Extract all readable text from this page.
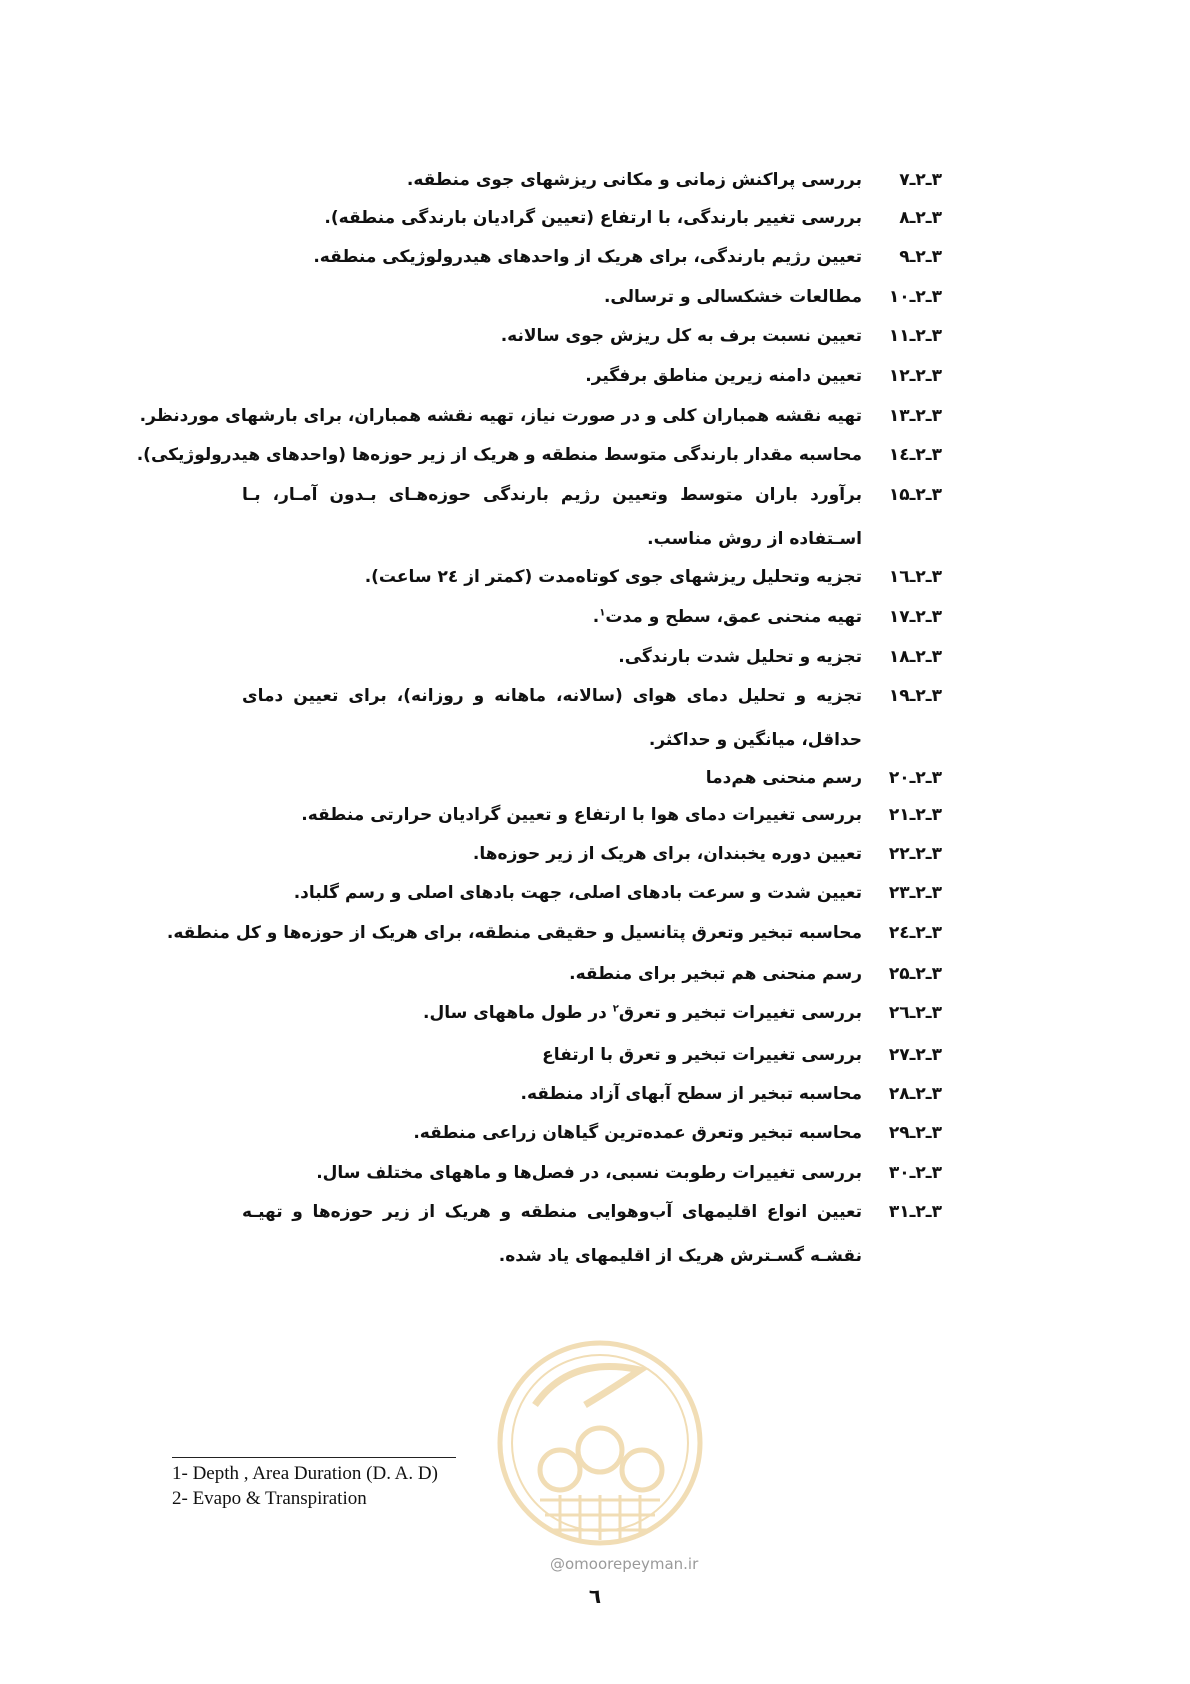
۳ـ۲ـ۷
بررسی پراکنش زمانی و مکانی ریزشهای جوی منطقه.
۳ـ۲ـ۸
بررسی تغییر بارندگی، با ارتفاع (تعیین گرادیان بارندگی منطقه).
۳ـ۲ـ۹
تعیین رژیم بارندگی، برای هریک از واحدهای هیدرولوژیکی منطقه.
۳ـ۲ـ۱۰
مطالعات خشکسالی و ترسالی.
۳ـ۲ـ۱۱
تعیین نسبت برف به کل ریزش جوی سالانه.
۳ـ۲ـ۱۲
تعیین دامنه زیرین مناطق برفگیر.
۳ـ۲ـ۱۳
تهیه نقشه همباران کلی و در صورت نیاز، تهیه نقشه همباران، برای بارشهای موردنظر.
۳ـ۲ـ۱٤
محاسبه مقدار بارندگی متوسط منطقه و هریک از زیر حوزه‌ها (واحدهای هیدرولوژیکی).
۳ـ۲ـ۱۵
برآورد باران متوسط وتعیین رژیم بارندگی حوزه‌هـای بـدون آمـار، بـا اسـتفاده از روش مناسب.
۳ـ۲ـ۱٦
تجزیه وتحلیل ریزشهای جوی کوتاه‌مدت (کمتر از ٢٤ ساعت).
۳ـ۲ـ۱۷
تهیه منحنی عمق، سطح و مدت$^۱$.
۳ـ۲ـ۱۸
تجزیه و تحلیل شدت بارندگی.
۳ـ۲ـ۱۹
تجزیه و تحلیل دمای هوای (سالانه، ماهانه و روزانه)، برای تعیین دمای حداقل، میانگین و حداکثر.
۳ـ۲ـ۲۰
رسم منحنی هم‌دما
۳ـ۲ـ۲۱
بررسی تغییرات دمای هوا با ارتفاع و تعیین گرادیان حرارتی منطقه.
۳ـ۲ـ۲۲
تعیین دوره یخبندان، برای هریک از زیر حوزه‌ها.
۳ـ۲ـ۲۳
تعیین شدت و سرعت بادهای اصلی، جهت بادهای اصلی و رسم گلباد.
۳ـ۲ـ۲٤
محاسبه تبخیر وتعرق پتانسیل و حقیقی منطقه، برای هریک از حوزه‌ها و کل منطقه.
۳ـ۲ـ۲۵
رسم منحنی هم تبخیر برای منطقه.
۳ـ۲ـ۲٦
بررسی تغییرات تبخیر و تعرق$^۲$ در طول ماههای سال.
۳ـ۲ـ۲۷
بررسی تغییرات تبخیر و تعرق با ارتفاع
۳ـ۲ـ۲۸
محاسبه تبخیر از سطح آبهای آزاد منطقه.
۳ـ۲ـ۲۹
محاسبه تبخیر وتعرق عمده‌ترین گیاهان زراعی منطقه.
۳ـ۲ـ۳۰
بررسی تغییرات رطوبت نسبی، در فصل‌ها و ماههای مختلف سال.
۳ـ۲ـ۳۱
تعیین انواع اقلیمهای آب‌وهوایی منطقه و هریک از زیر حوزه‌ها و تهیـه نقشـه گسـترش هریک از اقلیمهای یاد شده.
@omoorepeyman.ir
1- Depth , Area Duration (D. A. D)
2- Evapo & Transpiration
٦
